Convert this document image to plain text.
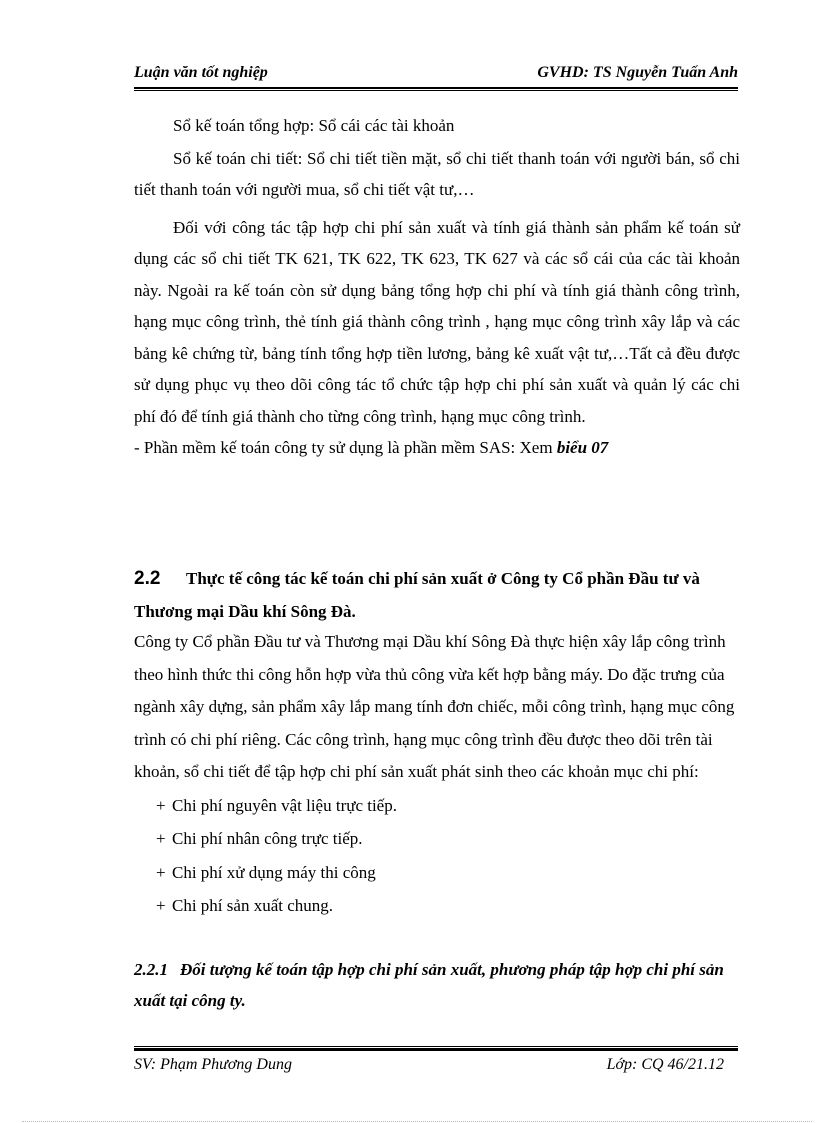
Luận văn tốt nghiệp	GVHD: TS Nguyễn Tuấn Anh

Sổ kế toán tổng hợp: Sổ cái các tài khoản

Sổ kế toán chi tiết: Sổ chi tiết tiền mặt, sổ chi tiết thanh toán với người bán, sổ chi tiết thanh toán với người mua, sổ chi tiết vật tư,…

Đối với công tác tập hợp chi phí sản xuất và tính giá thành sản phẩm kế toán sử dụng các sổ chi tiết TK 621, TK 622, TK 623, TK 627 và các sổ cái của các tài khoản này. Ngoài ra kế toán còn sử dụng bảng tổng hợp chi phí và tính giá thành công trình, hạng mục công trình, thẻ tính giá thành công trình , hạng mục công trình xây lắp và các bảng kê chứng từ, bảng tính tổng hợp tiền lương, bảng kê xuất vật tư,…Tất cả đều được sử dụng phục vụ theo dõi công tác tổ chức tập hợp chi phí sản xuất và quản lý các chi phí đó để tính giá thành cho từng công trình, hạng mục công trình.

- Phần mềm kế toán công ty sử dụng là phần mềm SAS: Xem biểu 07

2.2 Thực tế công tác kế toán chi phí sản xuất ở Công ty Cổ phần Đầu tư và Thương mại Dầu khí Sông Đà.

Công ty Cổ phần Đầu tư và Thương mại Dầu khí Sông Đà thực hiện xây lắp công trình theo hình thức thi công hỗn hợp vừa thủ công vừa kết hợp bằng máy. Do đặc trưng của ngành xây dựng, sản phẩm xây lắp mang tính đơn chiếc, mỗi công trình, hạng mục công trình có chi phí riêng. Các công trình, hạng mục công trình đều được theo dõi trên tài khoản, sổ chi tiết để tập hợp chi phí sản xuất phát sinh theo các khoản mục chi phí:

+ Chi phí nguyên vật liệu trực tiếp.
+ Chi phí nhân công trực tiếp.
+ Chi phí xử dụng máy thi công
+ Chi phí sản xuất chung.
2.2.1 Đối tượng kế toán tập hợp chi phí sản xuất, phương pháp tập hợp chi phí sản xuất tại công ty.
SV: Phạm Phương Dung	Lớp: CQ 46/21.12
